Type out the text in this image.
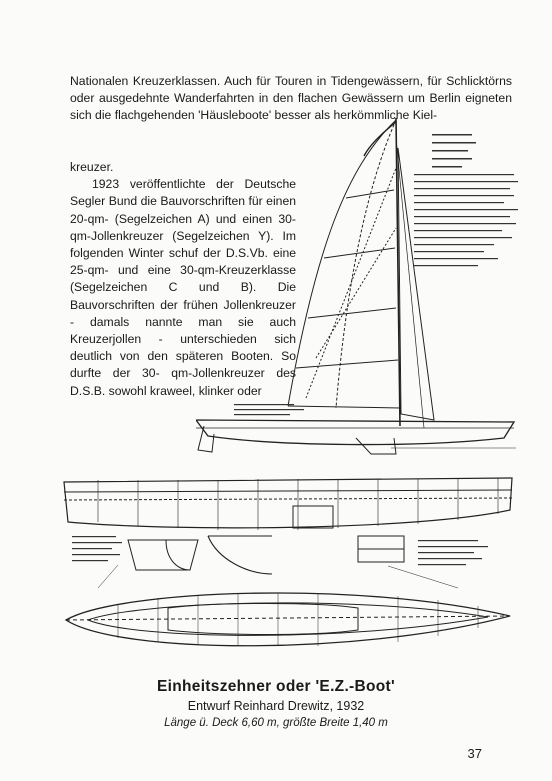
Nationalen Kreuzerklassen. Auch für Touren in Tidengewässern, für Schlicktörns oder ausgedehnte Wanderfahrten in den flachen Gewässern um Berlin eigneten sich die flachgehenden 'Häusleboote' besser als herkömmliche Kiel-

kreuzer.

1923 veröffentlichte der Deutsche Segler Bund die Bauvorschriften für einen 20-qm- (Segelzeichen A) und einen 30-qm-Jollenkreuzer (Segelzeichen Y). Im folgenden Winter schuf der D.S.Vb. eine 25-qm- und eine 30-qm-Kreuzerklasse (Segelzeichen C und B). Die Bauvorschriften der frühen Jollenkreuzer - damals nannte man sie auch Kreuzerjollen - unterschieden sich deutlich von den späteren Booten. So durfte der 30- qm-Jollenkreuzer des D.S.B. sowohl kraweel, klinker oder

Einheitszehner oder 'E.Z.-Boot'
Entwurf Reinhard Drewitz, 1932
Länge ü. Deck 6,60 m, größte Breite 1,40 m
37
